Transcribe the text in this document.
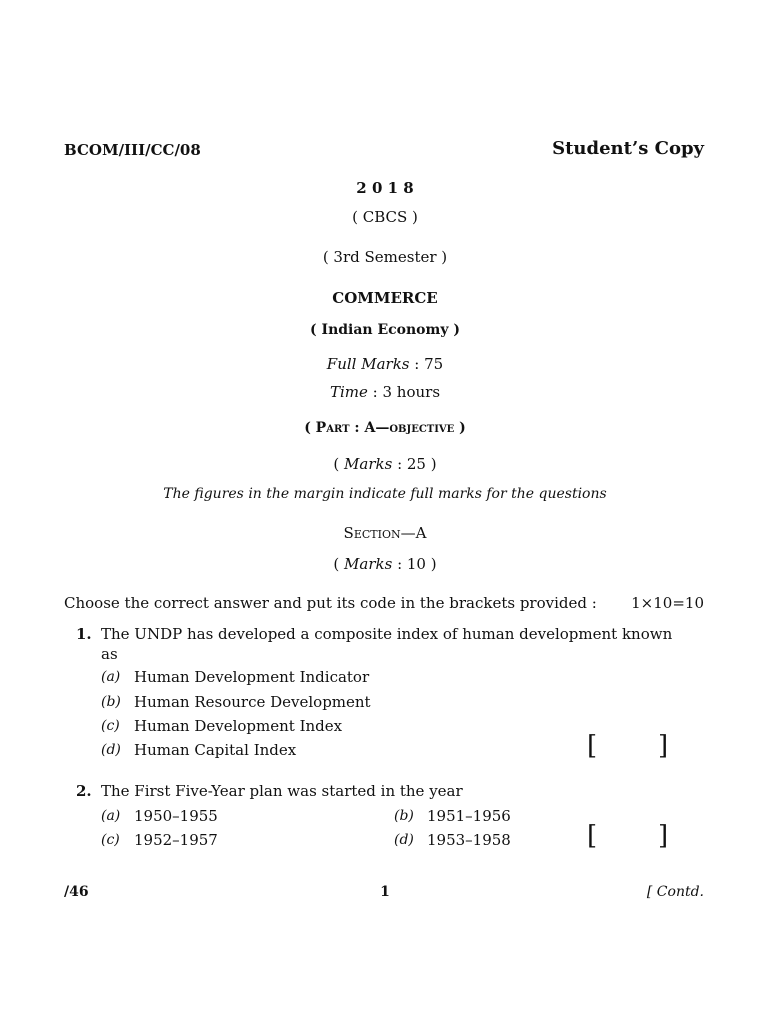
BCOM/III/CC/08	Student’s Copy
2 0 1 8
( CBCS )
( 3rd Semester )
COMMERCE
( Indian Economy )
Full Marks : 75
Time : 3 hours
( Part : A—objective )
( Marks : 25 )
The figures in the margin indicate full marks for the questions
Section—A
( Marks : 10 )
Choose the correct answer and put its code in the brackets provided : 1×10=10
1. The UNDP has developed a composite index of human development known
as
(a) Human Development Indicator
(b) Human Resource Development
(c) Human Development Index
(d) Human Capital Index	[ ]
2. The First Five-Year plan was started in the year
(a) 1950–1955	(b) 1951–1956
(c) 1952–1957	(d) 1953–1958	[ ]
/46	1	[ Contd.
